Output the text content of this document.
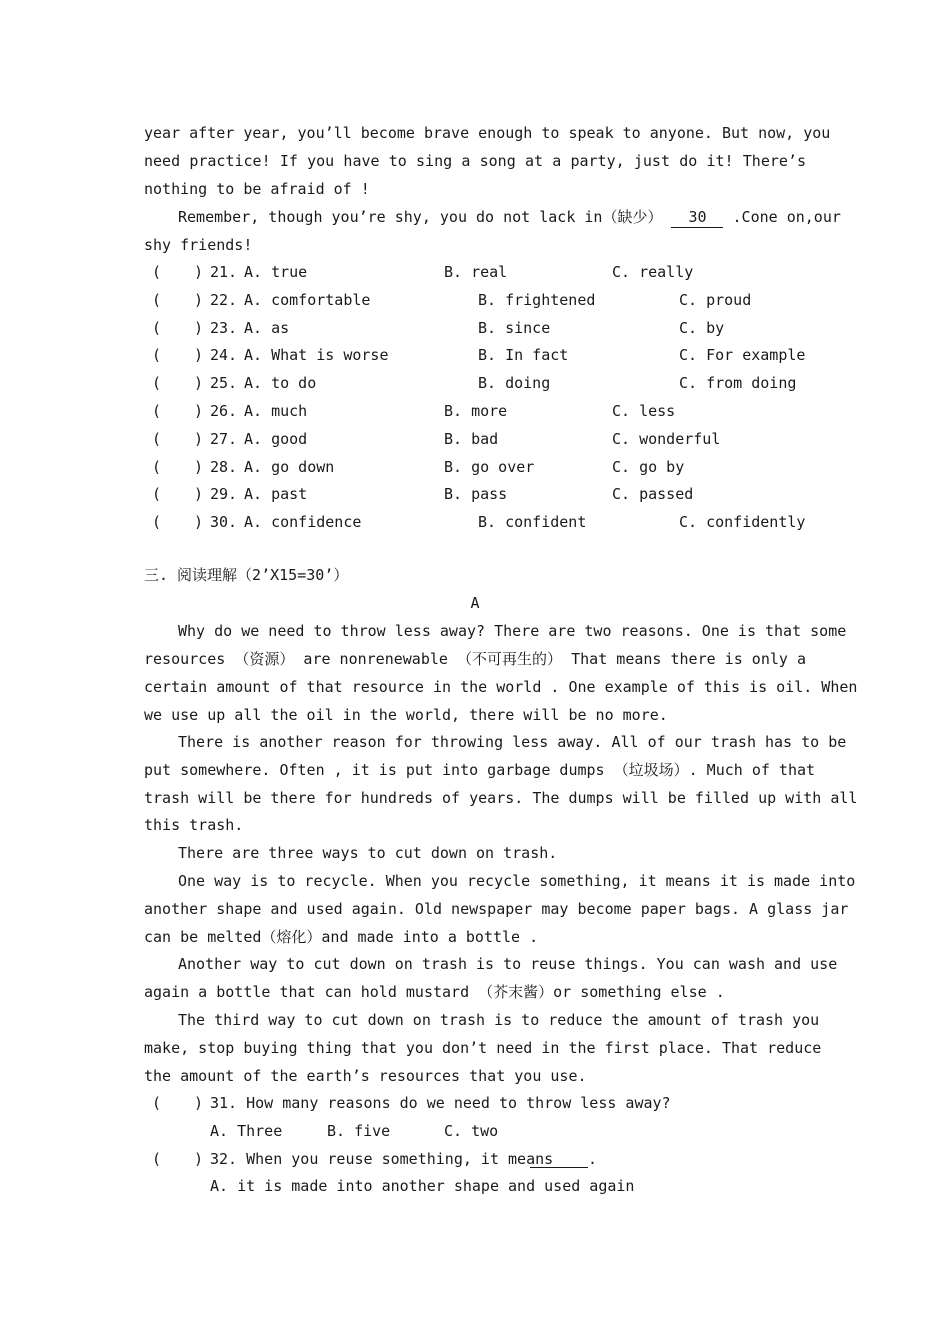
year after year, you’ll become brave enough to speak to anyone. But now, you
need practice! If you have to sing a song at a party, just do it! There’s
nothing to be afraid of !
Remember, though you’re shy, you do not lack in（缺少） 30 .Cone on,our
shy friends!
( ) 21. A. true	B. real	C. really
( ) 22. A. comfortable	B. frightened	C. proud
( ) 23. A. as	B. since	C. by
( ) 24. A. What is worse	B. In fact	C. For example
( ) 25. A. to do	B. doing	C. from doing
( ) 26. A. much	B. more	C. less
( ) 27. A. good	B. bad	C. wonderful
( ) 28. A. go down	B. go over	C. go by
( ) 29. A. past	B. pass	C. passed
( ) 30. A. confidence	B. confident	C. confidently
三. 阅读理解（2’X15=30’）
A
Why do we need to throw less away? There are two reasons. One is that some
resources （资源） are nonrenewable （不可再生的） That means there is only a
certain amount of that resource in the world . One example of this is oil. When
we use up all the oil in the world, there will be no more.
There is another reason for throwing less away. All of our trash has to be
put somewhere. Often , it is put into garbage dumps （垃圾场）. Much of that
trash will be there for hundreds of years. The dumps will be filled up with all
this trash.
There are three ways to cut down on trash.
One way is to recycle. When you recycle something, it means it is made into
another shape and used again. Old newspaper may become paper bags. A glass jar
can be melted（熔化）and made into a bottle .
Another way to cut down on trash is to reuse things. You can wash and use
again a bottle that can hold mustard （芥末酱）or something else .
The third way to cut down on trash is to reduce the amount of trash you
make, stop buying thing that you don’t need in the first place. That reduce
the amount of the earth’s resources that you use.
( ) 31. How many reasons do we need to throw less away?
A. Three	B. five	C. two
( ) 32. When you reuse something, it means .
A. it is made into another shape and used again
